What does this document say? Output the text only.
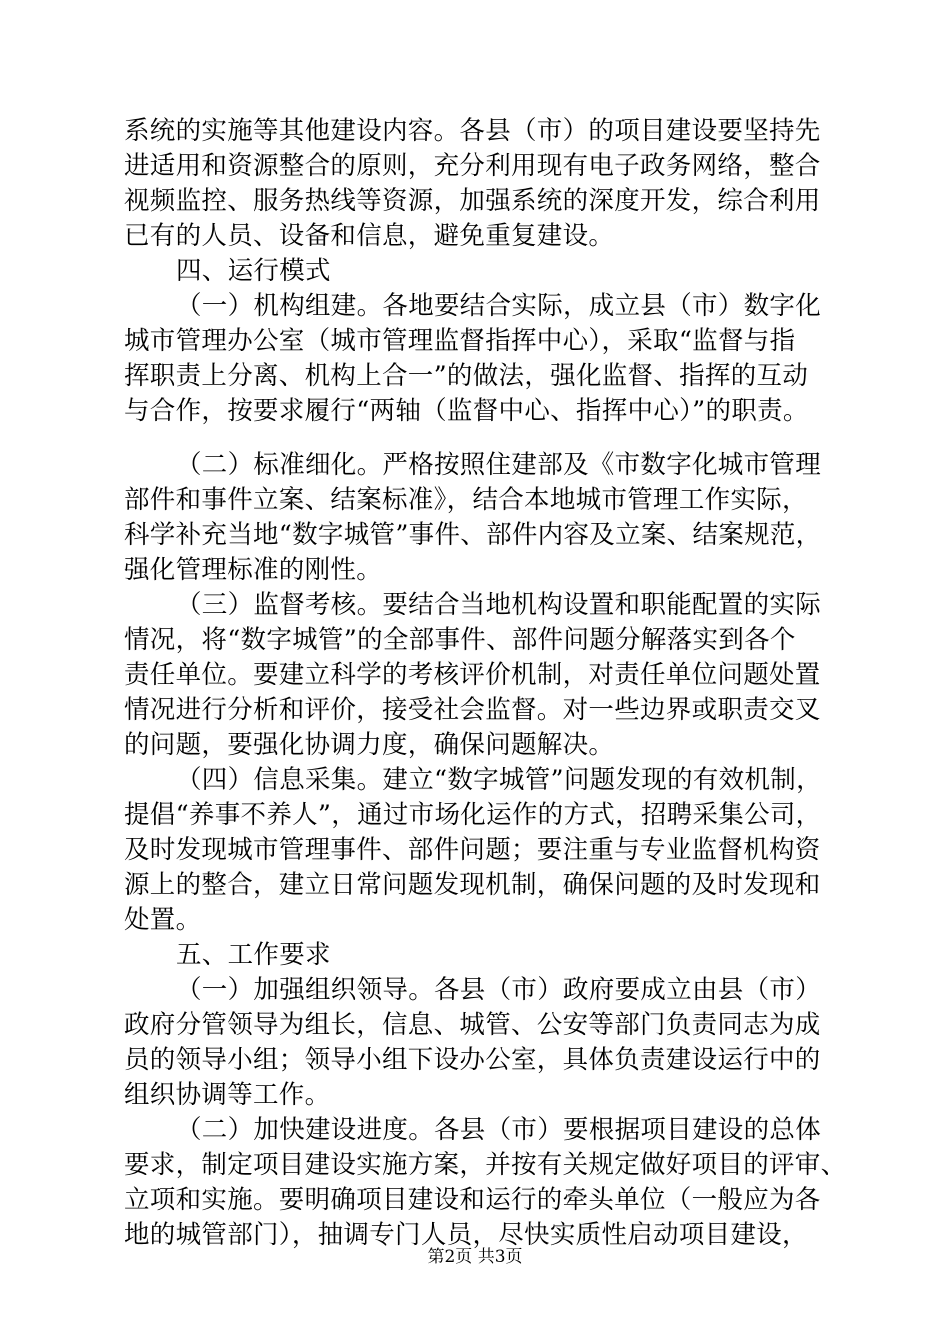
系统的实施等其他建设内容。各县（市）的项目建设要坚持先
进适用和资源整合的原则，充分利用现有电子政务网络，整合
视频监控、服务热线等资源，加强系统的深度开发，综合利用
已有的人员、设备和信息，避免重复建设。
四、运行模式
（一）机构组建。各地要结合实际，成立县（市）数字化
城市管理办公室（城市管理监督指挥中心），采取“监督与指
挥职责上分离、机构上合一”的做法，强化监督、指挥的互动
与合作，按要求履行“两轴（监督中心、指挥中心）”的职责。
（二）标准细化。严格按照住建部及《市数字化城市管理
部件和事件立案、结案标准》，结合本地城市管理工作实际，
科学补充当地“数字城管”事件、部件内容及立案、结案规范，
强化管理标准的刚性。
（三）监督考核。要结合当地机构设置和职能配置的实际
情况，将“数字城管”的全部事件、部件问题分解落实到各个
责任单位。要建立科学的考核评价机制，对责任单位问题处置
情况进行分析和评价，接受社会监督。对一些边界或职责交叉
的问题，要强化协调力度，确保问题解决。
（四）信息采集。建立“数字城管”问题发现的有效机制，
提倡“养事不养人”，通过市场化运作的方式，招聘采集公司，
及时发现城市管理事件、部件问题；要注重与专业监督机构资
源上的整合，建立日常问题发现机制，确保问题的及时发现和
处置。
五、工作要求
（一）加强组织领导。各县（市）政府要成立由县（市）
政府分管领导为组长，信息、城管、公安等部门负责同志为成
员的领导小组；领导小组下设办公室，具体负责建设运行中的
组织协调等工作。
（二）加快建设进度。各县（市）要根据项目建设的总体
要求，制定项目建设实施方案，并按有关规定做好项目的评审、
立项和实施。要明确项目建设和运行的牵头单位（一般应为各
地的城管部门），抽调专门人员，尽快实质性启动项目建设，
第2页 共3页
